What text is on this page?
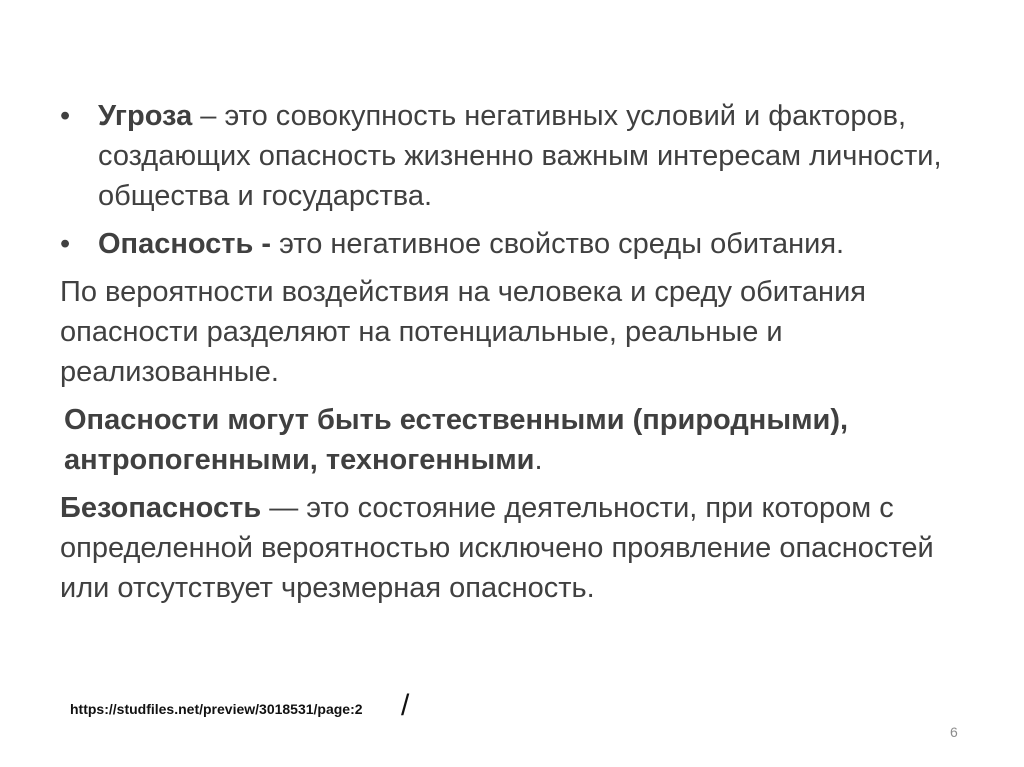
• Угроза – это совокупность негативных условий и факторов, создающих опасность жизненно важным интересам личности, общества и государства.
• Опасность - это негативное свойство среды обитания.
По вероятности воздействия на человека и среду обитания опасности разделяют на потенциальные, реальные и реализованные.
Опасности могут быть естественными (природными), антропогенными, техногенными.
Безопасность — это состояние деятельности, при котором с определенной вероятностью исключено проявление опасностей или отсутствует чрезмерная опасность.
https://studfiles.net/preview/3018531/page:2 /
6
